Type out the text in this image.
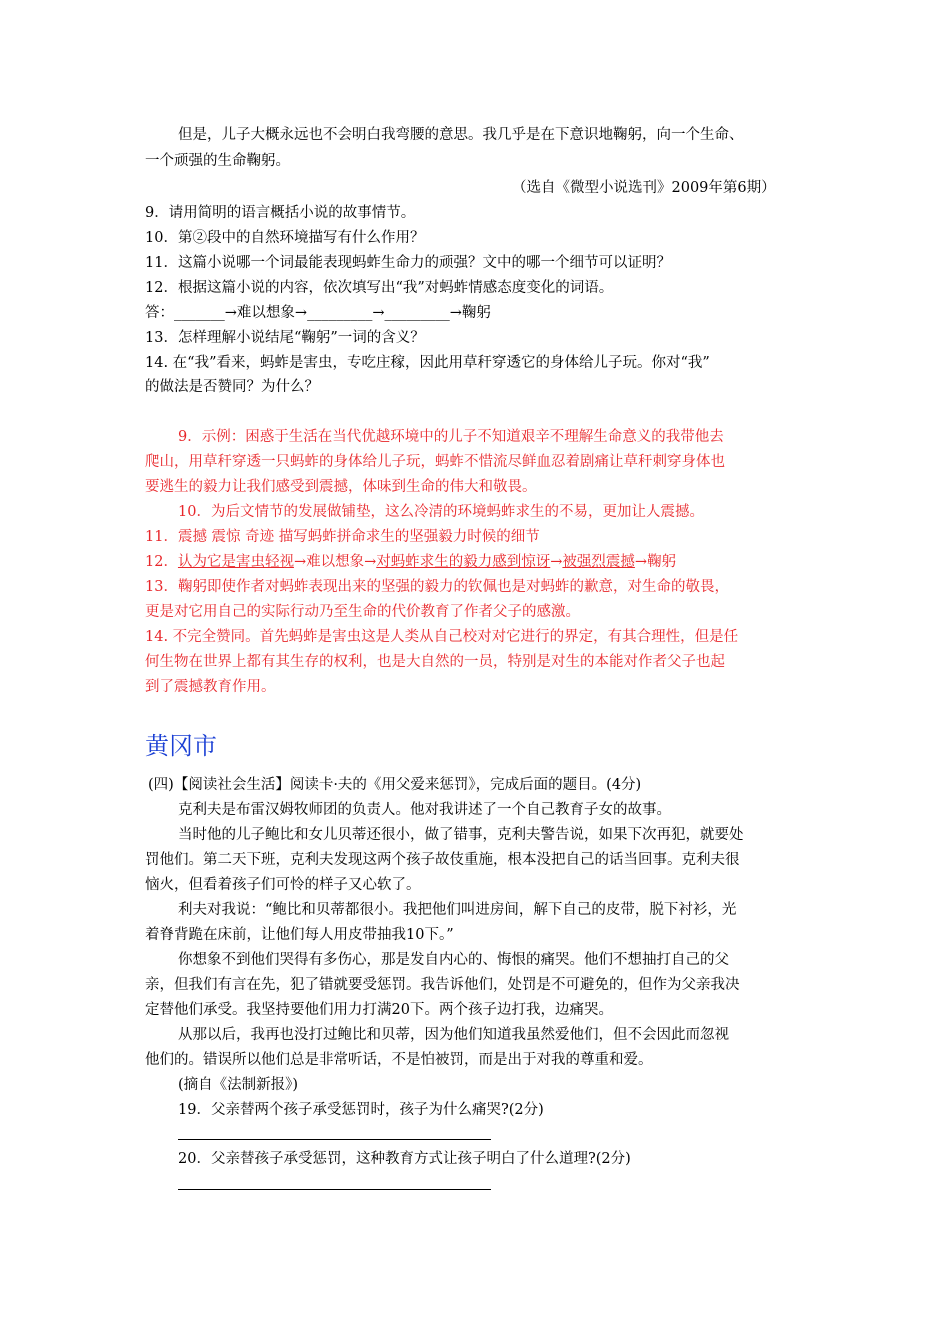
但是，儿子大概永远也不会明白我弯腰的意思。我几乎是在下意识地鞠躬，向一个生命、
一个顽强的生命鞠躬。
（选自《微型小说选刊》2009年第6期）
9．请用简明的语言概括小说的故事情节。
10．第②段中的自然环境描写有什么作用？
11．这篇小说哪一个词最能表现蚂蚱生命力的顽强？文中的哪一个细节可以证明？
12．根据这篇小说的内容，依次填写出“我”对蚂蚱情感态度变化的词语。
答：_______→难以想象→_________→_________→鞠躬
13．怎样理解小说结尾“鞠躬”一词的含义？
14. 在“我”看来，蚂蚱是害虫，专吃庄稼，因此用草秆穿透它的身体给儿子玩。你对“我”
的做法是否赞同？为什么？
9．示例：困惑于生活在当代优越环境中的儿子不知道艰辛不理解生命意义的我带他去
爬山，用草秆穿透一只蚂蚱的身体给儿子玩，蚂蚱不惜流尽鲜血忍着剧痛让草秆刺穿身体也
要逃生的毅力让我们感受到震撼，体味到生命的伟大和敬畏。
10．为后文情节的发展做铺垫，这么冷清的环境蚂蚱求生的不易，更加让人震撼。
11．震撼 震惊 奇迹 描写蚂蚱拼命求生的坚强毅力时候的细节
12．认为它是害虫轻视→难以想象→对蚂蚱求生的毅力感到惊讶→被强烈震撼→鞠躬
13．鞠躬即使作者对蚂蚱表现出来的坚强的毅力的钦佩也是对蚂蚱的歉意，对生命的敬畏，
更是对它用自己的实际行动乃至生命的代价教育了作者父子的感激。
14. 不完全赞同。首先蚂蚱是害虫这是人类从自己校对对它进行的界定，有其合理性，但是任
何生物在世界上都有其生存的权利，也是大自然的一员，特别是对生的本能对作者父子也起
到了震撼教育作用。
黄冈市
(四)【阅读社会生活】阅读卡·夫的《用父爱来惩罚》，完成后面的题目。(4分)
克利夫是布雷汉姆牧师团的负责人。他对我讲述了一个自己教育子女的故事。
当时他的儿子鲍比和女儿贝蒂还很小，做了错事，克利夫警告说，如果下次再犯，就要处
罚他们。第二天下班，克利夫发现这两个孩子故伎重施，根本没把自己的话当回事。克利夫很
恼火，但看着孩子们可怜的样子又心软了。
利夫对我说：“鲍比和贝蒂都很小。我把他们叫进房间，解下自己的皮带，脱下衬衫，光
着脊背跪在床前，让他们每人用皮带抽我10下。”
你想象不到他们哭得有多伤心，那是发自内心的、悔恨的痛哭。他们不想抽打自己的父
亲，但我们有言在先，犯了错就要受惩罚。我告诉他们，处罚是不可避免的，但作为父亲我决
定替他们承受。我坚持要他们用力打满20下。两个孩子边打我，边痛哭。
从那以后，我再也没打过鲍比和贝蒂，因为他们知道我虽然爱他们，但不会因此而忽视
他们的。错误所以他们总是非常听话，不是怕被罚，而是出于对我的尊重和爱。
(摘自《法制新报》)
19．父亲替两个孩子承受惩罚时，孩子为什么痛哭?(2分)
20．父亲替孩子承受惩罚，这种教育方式让孩子明白了什么道理?(2分)
